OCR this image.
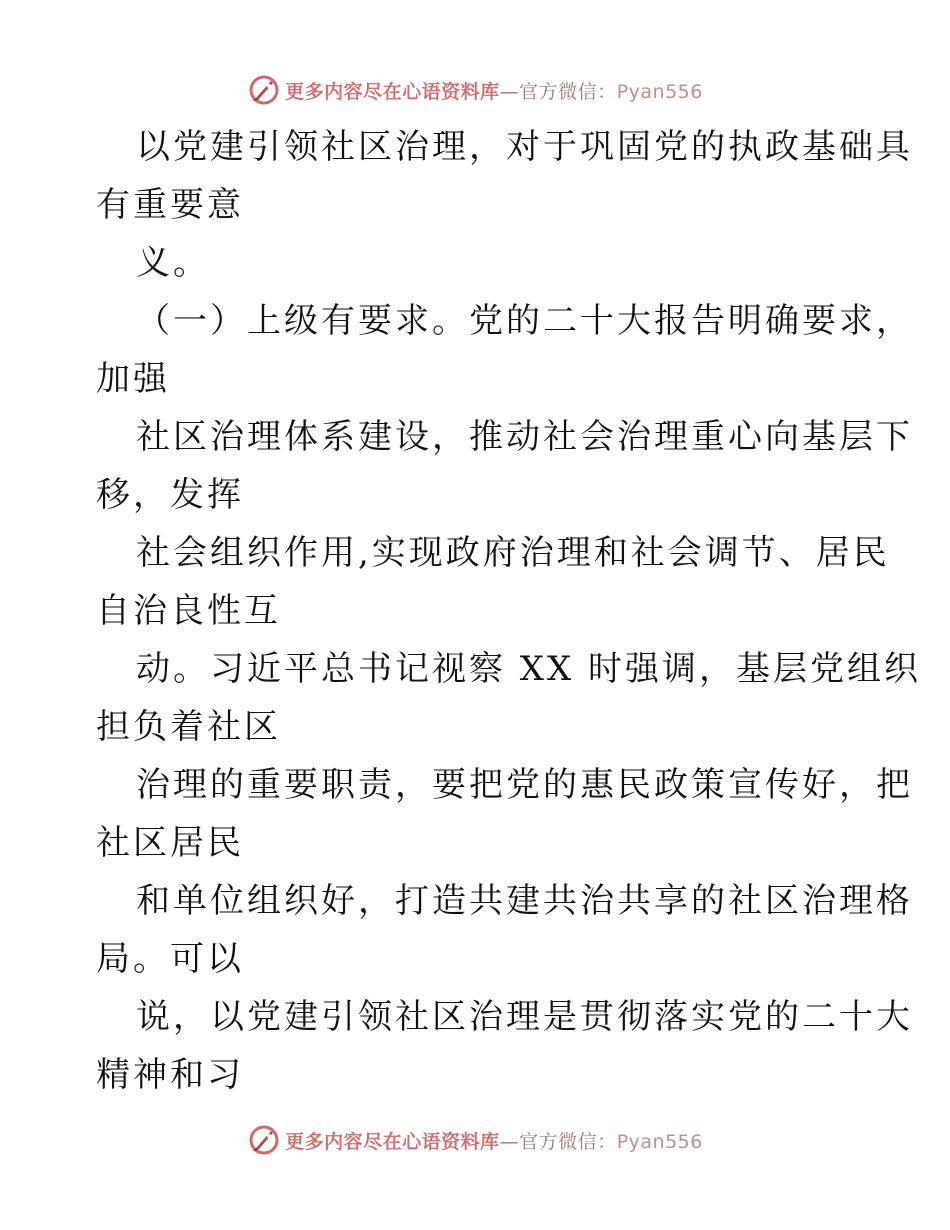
更多内容尽在心语资料库—官方微信：Pyan556
以党建引领社区治理，对于巩固党的执政基础具
有重要意
义。
（一）上级有要求。党的二十大报告明确要求，
加强
社区治理体系建设，推动社会治理重心向基层下
移，发挥
社会组织作用,实现政府治理和社会调节、居民
自治良性互
动。习近平总书记视察 XX 时强调，基层党组织
担负着社区
治理的重要职责，要把党的惠民政策宣传好，把
社区居民
和单位组织好，打造共建共治共享的社区治理格
局。可以
说，以党建引领社区治理是贯彻落实党的二十大
精神和习
更多内容尽在心语资料库—官方微信：Pyan556
